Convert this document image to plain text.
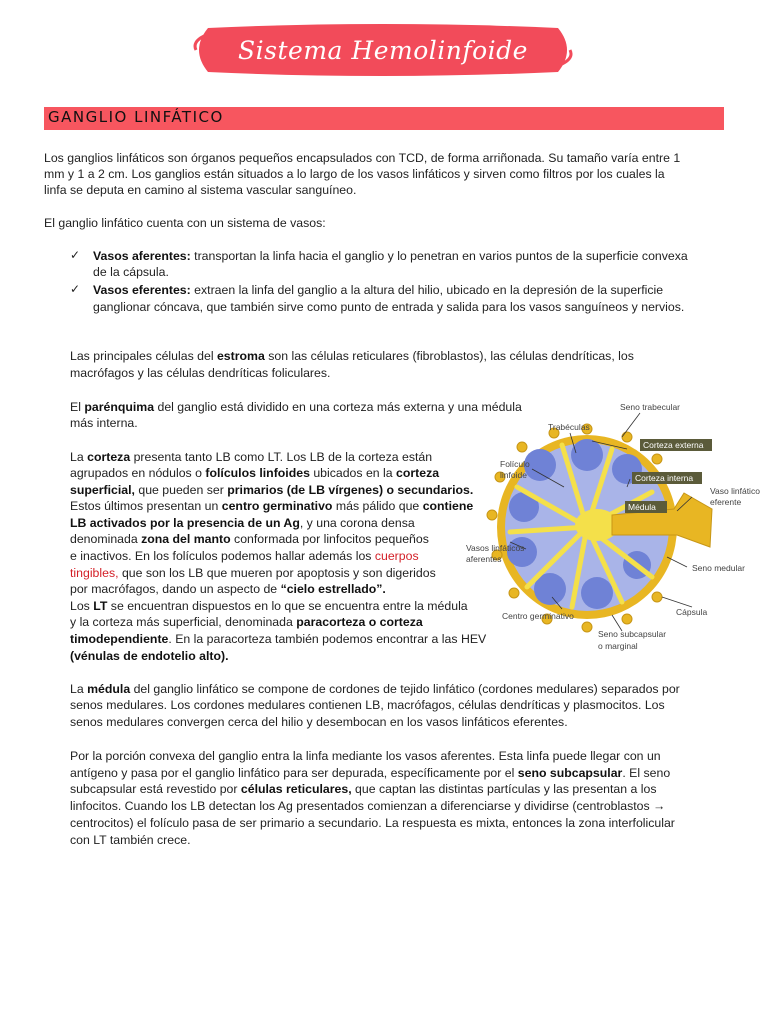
Sistema Hemolinfoide
GANGLIO LINFÁTICO

Los ganglios linfáticos son órganos pequeños encapsulados con TCD, de forma arriñonada. Su tamaño varía entre 1

mm y 1 a 2 cm. Los ganglios están situados a lo largo de los vasos linfáticos y sirven como filtros por los cuales la

linfa se deputa en camino al sistema vascular sanguíneo.

El ganglio linfático cuenta con un sistema de vasos:

✓ Vasos aferentes: transportan la linfa hacia el ganglio y lo penetran en varios puntos de la superficie convexa

de la cápsula.

✓ Vasos eferentes: extraen la linfa del ganglio a la altura del hilio, ubicado en la depresión de la superficie

ganglionar cóncava, que también sirve como punto de entrada y salida para los vasos sanguíneos y nervios.

Las principales células del estroma son las células reticulares (fibroblastos), las células dendríticas, los

macrófagos y las células dendríticas foliculares.

El parénquima del ganglio está dividido en una corteza más externa y una médula

más interna.

La corteza presenta tanto LB como LT. Los LB de la corteza están

agrupados en nódulos o folículos linfoides ubicados en la corteza

superficial, que pueden ser primarios (de LB vírgenes) o secundarios.

Estos últimos presentan un centro germinativo más pálido que contiene

LB activados por la presencia de un Ag, y una corona densa

denominada zona del manto conformada por linfocitos pequeños

e inactivos. En los folículos podemos hallar además los cuerpos

tingibles, que son los LB que mueren por apoptosis y son digeridos

por macrófagos, dando un aspecto de “cielo estrellado”.

Los LT se encuentran dispuestos en lo que se encuentra entre la médula

y la corteza más superficial, denominada paracorteza o corteza

timodependiente. En la paracorteza también podemos encontrar a las HEV

(vénulas de endotelio alto).

La médula del ganglio linfático se compone de cordones de tejido linfático (cordones medulares) separados por

senos medulares. Los cordones medulares contienen LB, macrófagos, células dendríticas y plasmocitos. Los

senos medulares convergen cerca del hilio y desembocan en los vasos linfáticos eferentes.

Por la porción convexa del ganglio entra la linfa mediante los vasos aferentes. Esta linfa puede llegar con un

antígeno y pasa por el ganglio linfático para ser depurada, específicamente por el seno subcapsular. El seno

subcapsular está revestido por células reticulares, que captan las distintas partículas y las presentan a los

linfocitos. Cuando los LB detectan los Ag presentados comienzan a diferenciarse y dividirse (centroblastos →

centrocitos) el folículo pasa de ser primario a secundario. La respuesta es mixta, entonces la zona interfolicular

con LT también crece.

Seno trabecular
Trabéculas
Corteza externa
Folículo
linfoide	Corteza interna
Vaso linfático
eferente
Médula
Vasos linfáticos
aferentes
Seno medular
Cápsula
Centro germinativo
Seno subcapsular
o marginal
